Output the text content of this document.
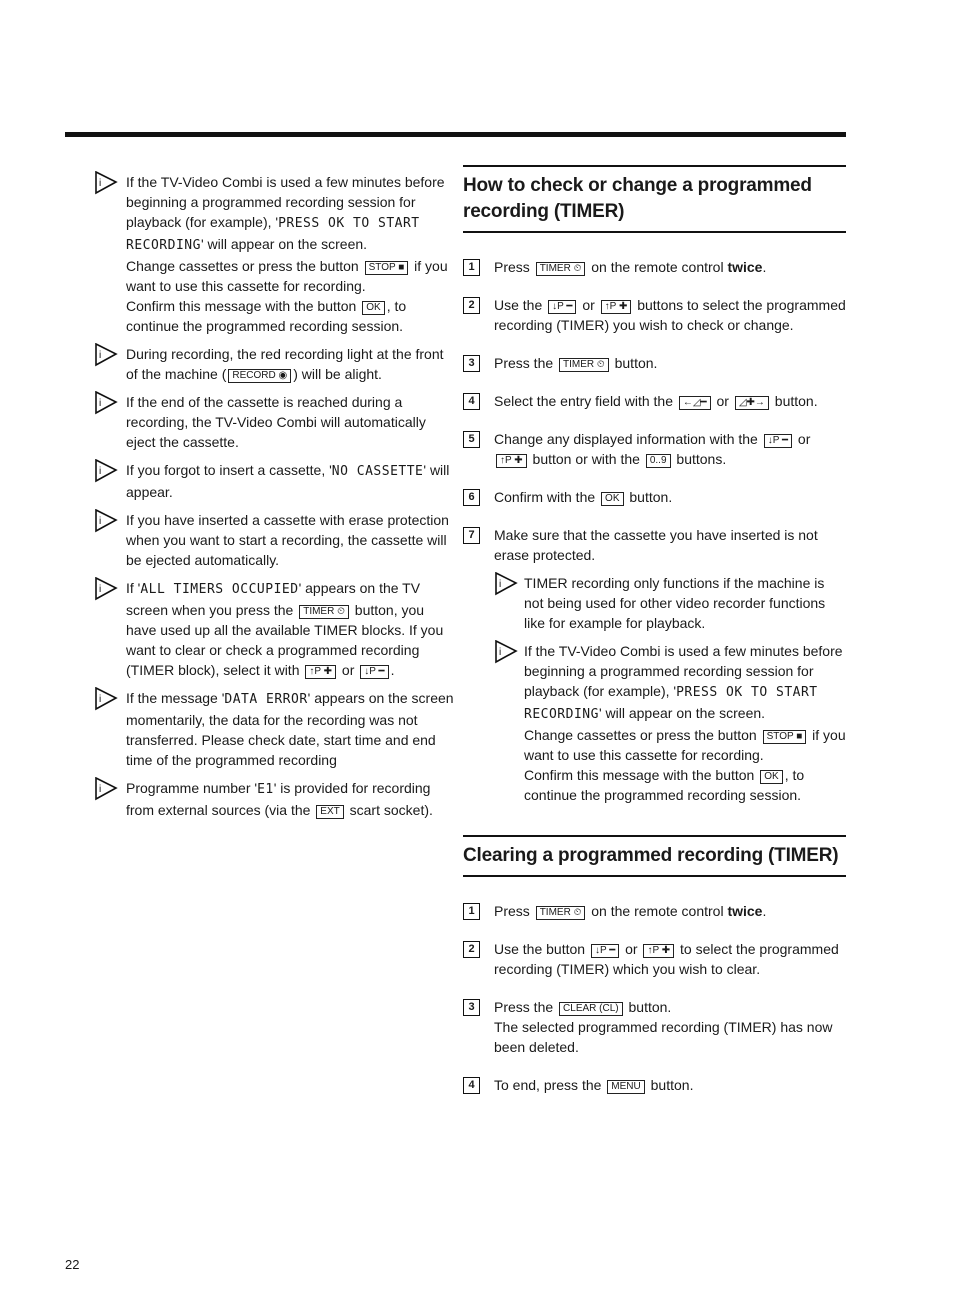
i If the TV-Video Combi is used a few minutes before beginning a programmed recording session for playback (for example), 'PRESS OK TO START RECORDING' will appear on the screen.

Change cassettes or press the button STOP ■ if you want to use this cassette for recording.

Confirm this message with the button OK , to continue the programmed recording session.

i During recording, the red recording light at the front of the machine ( RECORD ◉ ) will be alight.

i If the end of the cassette is reached during a recording, the TV-Video Combi will automatically eject the cassette.

i If you forgot to insert a cassette, 'NO CASSETTE' will appear.

i If you have inserted a cassette with erase protection when you want to start a recording, the cassette will be ejected automatically.

i If 'ALL TIMERS OCCUPIED' appears on the TV screen when you press the TIMER ⏲ button, you have used up all the available TIMER blocks. If you want to clear or check a programmed recording (TIMER block), select it with ↑P ✚ or ↓P ━ .

i If the message 'DATA ERROR' appears on the screen momentarily, the data for the recording was not transferred. Please check date, start time and end time of the programmed recording

i Programme number 'E1' is provided for recording from external sources (via the EXT scart socket).

How to check or change a programmed recording (TIMER)
1	Press TIMER ⏲ on the remote control twice.

2	Use the ↓P ━ or ↑P ✚ buttons to select the programmed recording (TIMER) you wish to check or change.

3	Press the TIMER ⏲ button.

4	Select the entry field with the ←◿━ or ◿✚→ button.

5	Change any displayed information with the ↓P ━ or ↑P ✚ button or with the 0..9 buttons.

6	Confirm with the OK button.

7	Make sure that the cassette you have inserted is not erase protected.

i TIMER recording only functions if the machine is not being used for other video recorder functions like for example for playback.

i If the TV-Video Combi is used a few minutes before beginning a programmed recording session for playback (for example), 'PRESS OK TO START RECORDING' will appear on the screen.

Change cassettes or press the button STOP ■ if you want to use this cassette for recording.

Confirm this message with the button OK , to continue the programmed recording session.

Clearing a programmed recording (TIMER)
1	Press TIMER ⏲ on the remote control twice.

2	Use the button ↓P ━ or ↑P ✚ to select the programmed recording (TIMER) which you wish to clear.

3	Press the CLEAR (CL) button.

The selected programmed recording (TIMER) has now been deleted.

4	To end, press the MENU button.

22
